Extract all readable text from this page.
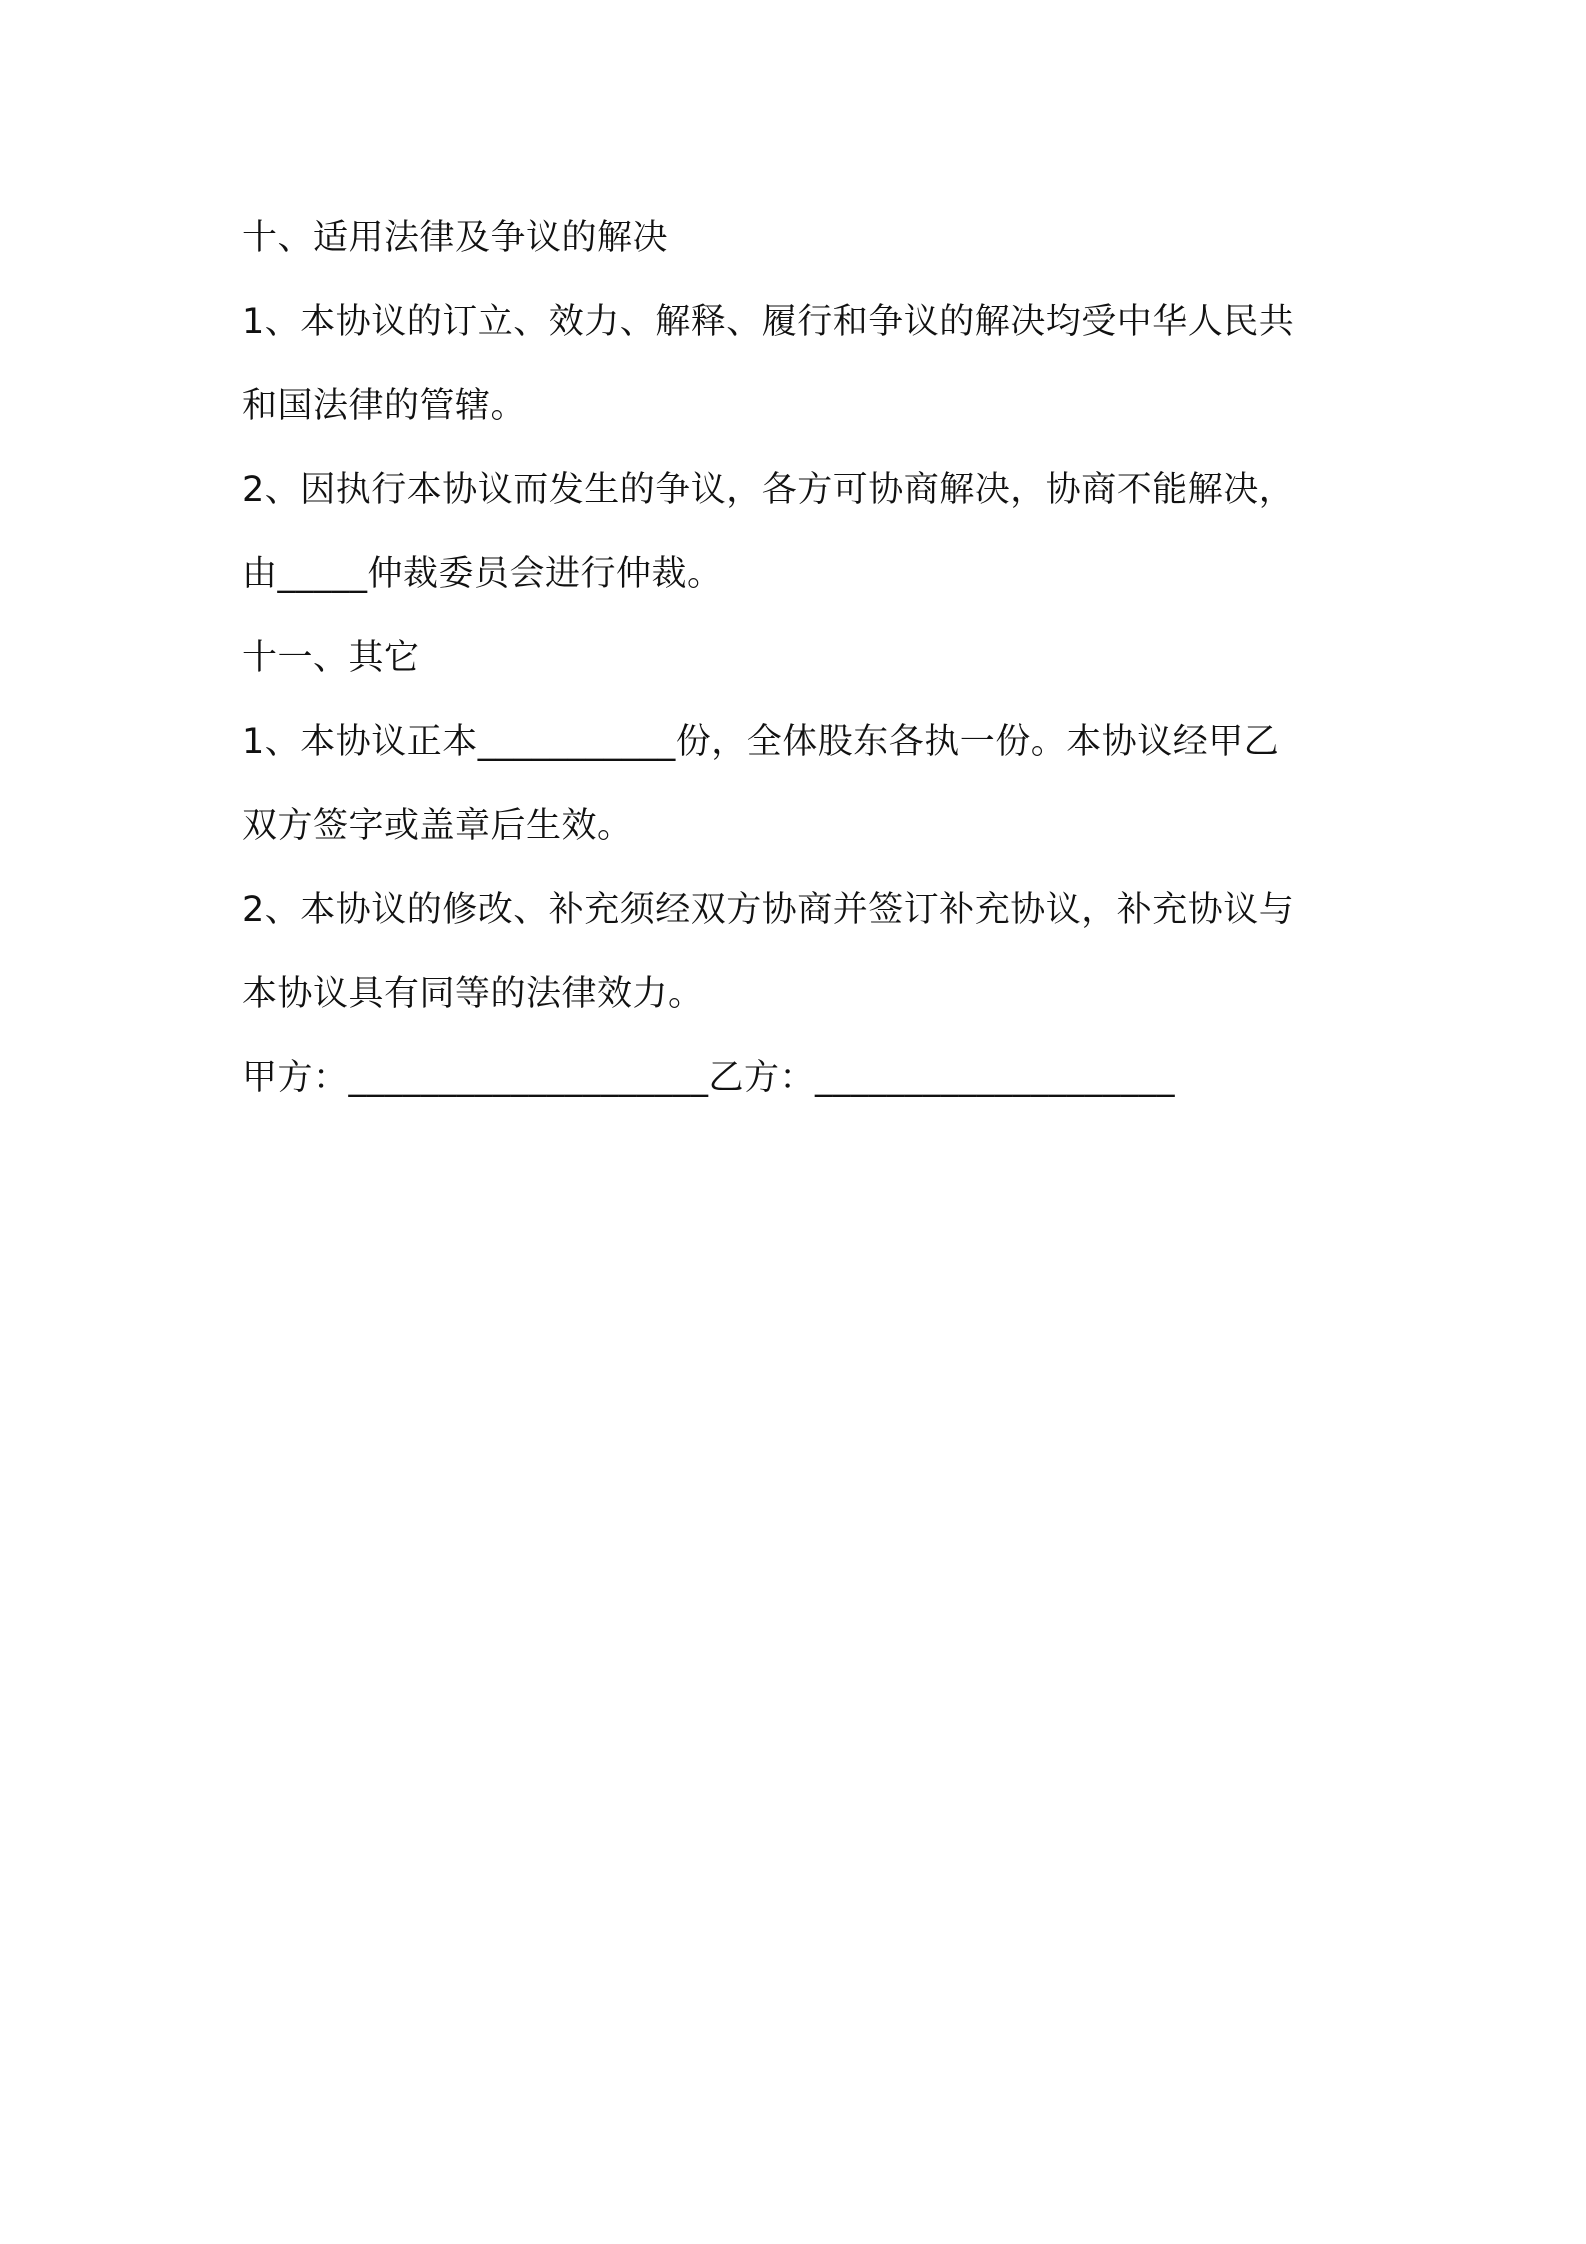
十、适用法律及争议的解决
1、本协议的订立、效力、解释、履行和争议的解决均受中华人民共
和国法律的管辖。
2、因执行本协议而发生的争议，各方可协商解决，协商不能解决，
由_____仲裁委员会进行仲裁。
十一、其它
1、本协议正本___________份，全体股东各执一份。本协议经甲乙
双方签字或盖章后生效。
2、本协议的修改、补充须经双方协商并签订补充协议，补充协议与
本协议具有同等的法律效力。
甲方：____________________乙方：____________________
